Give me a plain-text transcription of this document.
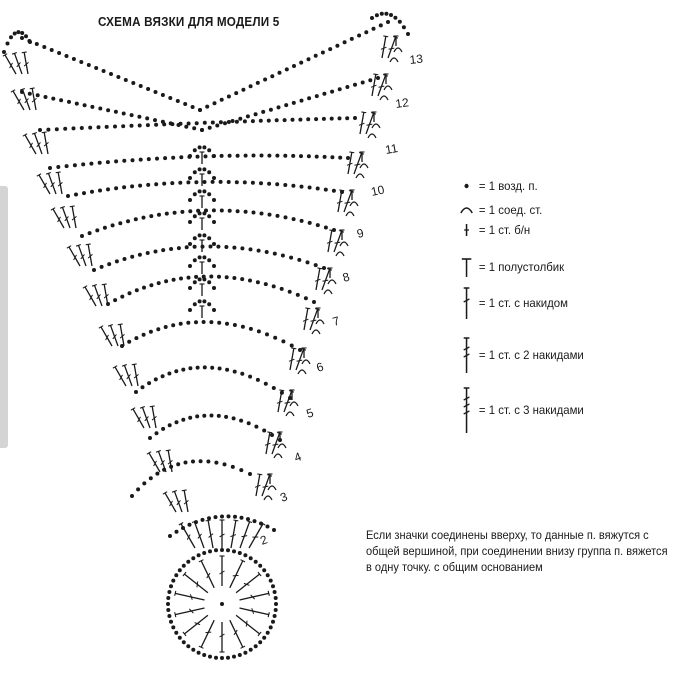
СХЕМА ВЯЗКИ ДЛЯ МОДЕЛИ 5
2
3
4
5
6
7
8
9
10
11
12
13
= 1 возд. п.
= 1 соед. ст.
= 1 ст. б/н
= 1 полустолбик
= 1 ст. с накидом
= 1 ст. с 2 накидами
= 1 ст. с 3 накидами
Если значки соединены вверху, то данные п. вяжутся с общей вершиной, при соединении внизу группа п. вяжется в одну точку. с общим основанием
